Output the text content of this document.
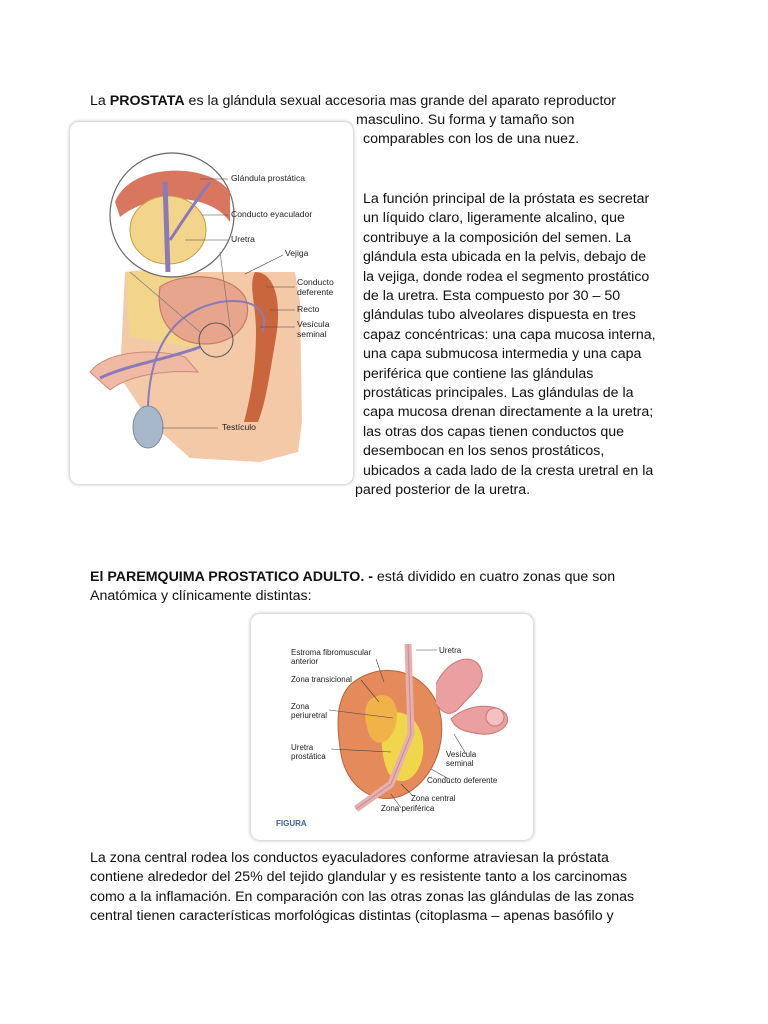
La PROSTATA es la glándula sexual accesoria mas grande del aparato reproductor
masculino. Su forma y tamaño son
comparables con los de una nuez.
Glándula prostática
Conducto eyaculador
Uretra
Vejiga
Conducto
deferente
Recto
Vesícula
seminal
Testículo
La función principal de la próstata es secretar
un líquido claro, ligeramente alcalino, que
contribuye a la composición del semen. La
glándula esta ubicada en la pelvis, debajo de
la vejiga, donde rodea el segmento prostático
de la uretra. Esta compuesto por 30 – 50
glándulas tubo alveolares dispuesta en tres
capaz concéntricas: una capa mucosa interna,
una capa submucosa intermedia y una capa
periférica que contiene las glándulas
prostáticas principales. Las glándulas de la
capa mucosa drenan directamente a la uretra;
las otras dos capas tienen conductos que
desembocan en los senos prostáticos,
ubicados a cada lado de la cresta uretral en la
pared posterior de la uretra.
El PAREMQUIMA PROSTATICO ADULTO. - está dividido en cuatro zonas que son
Anatómica y clínicamente distintas:
Estroma fibromuscular
anterior
Uretra
Zona transicional
Zona
periuretral
Uretra
prostática	Vesícula
seminal
Conducto deferente
Zona central
Zona periférica
FIGURA
La zona central rodea los conductos eyaculadores conforme atraviesan la próstata
contiene alrededor del 25% del tejido glandular y es resistente tanto a los carcinomas
como a la inflamación. En comparación con las otras zonas las glándulas de las zonas
central tienen características morfológicas distintas (citoplasma – apenas basófilo y
